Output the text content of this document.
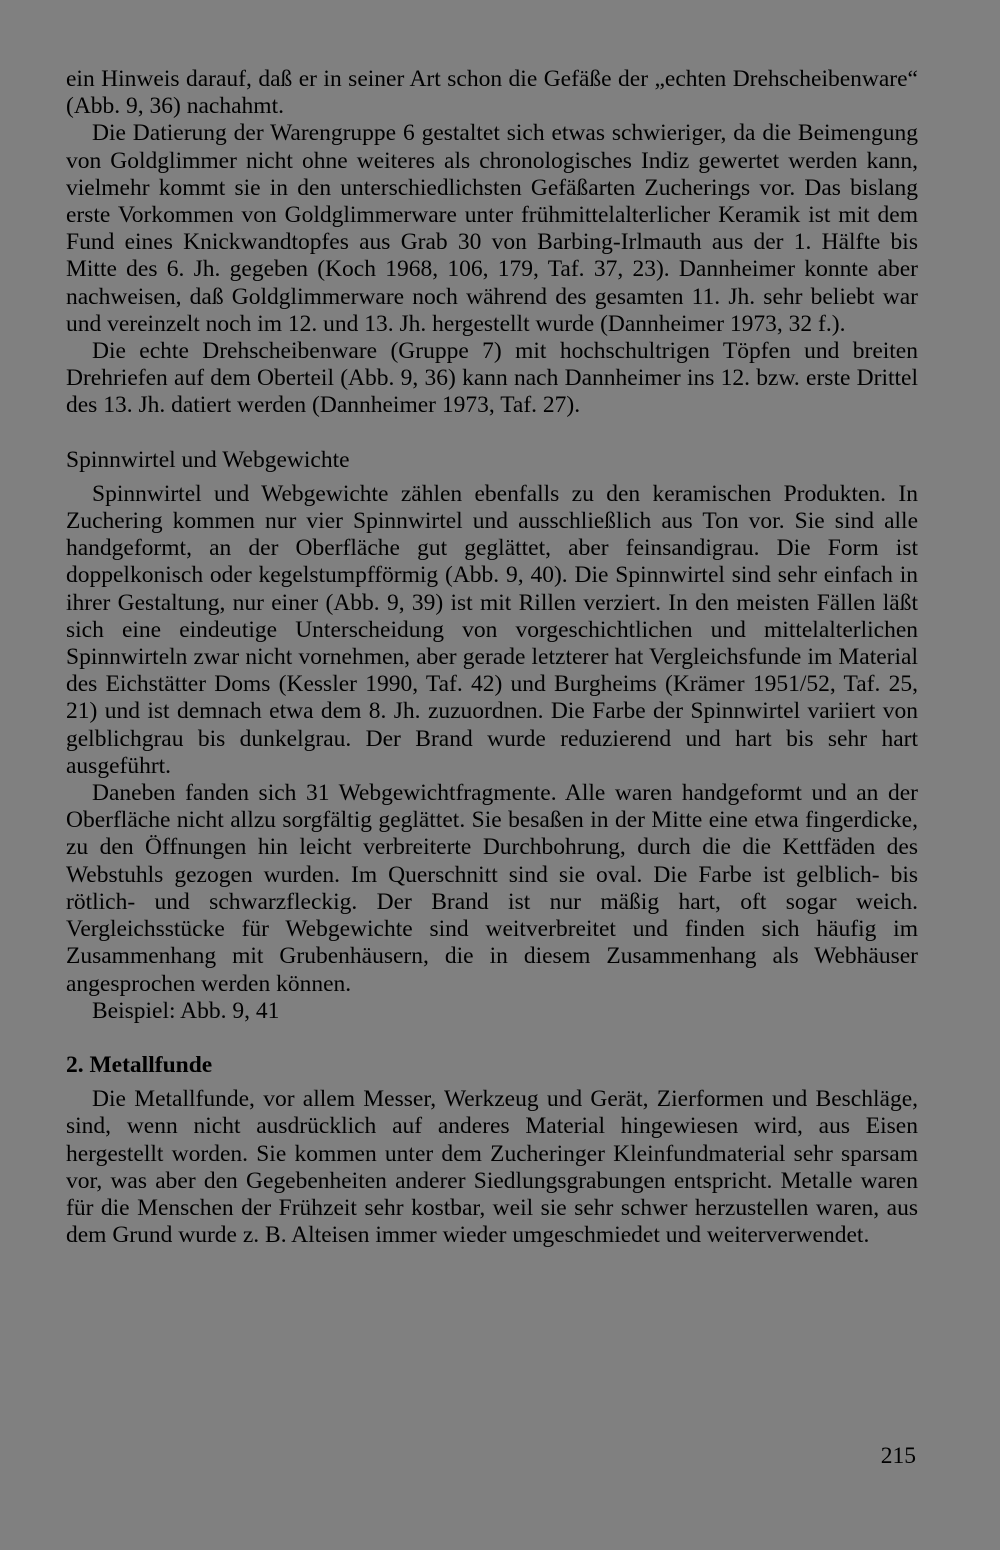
ein Hinweis darauf, daß er in seiner Art schon die Gefäße der „echten Drehscheibenware“ (Abb. 9, 36) nachahmt.

Die Datierung der Warengruppe 6 gestaltet sich etwas schwieriger, da die Beimengung von Goldglimmer nicht ohne weiteres als chronologisches Indiz gewertet werden kann, vielmehr kommt sie in den unterschiedlichsten Gefäßarten Zucherings vor. Das bislang erste Vorkommen von Goldglimmerware unter frühmittelalterlicher Keramik ist mit dem Fund eines Knickwandtopfes aus Grab 30 von Barbing-Irlmauth aus der 1. Hälfte bis Mitte des 6. Jh. gegeben (Koch 1968, 106, 179, Taf. 37, 23). Dannheimer konnte aber nachweisen, daß Goldglimmerware noch während des gesamten 11. Jh. sehr beliebt war und vereinzelt noch im 12. und 13. Jh. hergestellt wurde (Dannheimer 1973, 32 f.).

Die echte Drehscheibenware (Gruppe 7) mit hochschultrigen Töpfen und breiten Drehriefen auf dem Oberteil (Abb. 9, 36) kann nach Dannheimer ins 12. bzw. erste Drittel des 13. Jh. datiert werden (Dannheimer 1973, Taf. 27).

Spinnwirtel und Webgewichte

Spinnwirtel und Webgewichte zählen ebenfalls zu den keramischen Produkten. In Zuchering kommen nur vier Spinnwirtel und ausschließlich aus Ton vor. Sie sind alle handgeformt, an der Oberfläche gut geglättet, aber feinsandigrau. Die Form ist doppelkonisch oder kegelstumpfförmig (Abb. 9, 40). Die Spinnwirtel sind sehr einfach in ihrer Gestaltung, nur einer (Abb. 9, 39) ist mit Rillen verziert. In den meisten Fällen läßt sich eine eindeutige Unterscheidung von vorgeschichtlichen und mittelalterlichen Spinnwirteln zwar nicht vornehmen, aber gerade letzterer hat Vergleichsfunde im Material des Eichstätter Doms (Kessler 1990, Taf. 42) und Burgheims (Krämer 1951/52, Taf. 25, 21) und ist demnach etwa dem 8. Jh. zuzuordnen. Die Farbe der Spinnwirtel variiert von gelblichgrau bis dunkelgrau. Der Brand wurde reduzierend und hart bis sehr hart ausgeführt.

Daneben fanden sich 31 Webgewichtfragmente. Alle waren handgeformt und an der Oberfläche nicht allzu sorgfältig geglättet. Sie besaßen in der Mitte eine etwa fingerdicke, zu den Öffnungen hin leicht verbreiterte Durchbohrung, durch die die Kettfäden des Webstuhls gezogen wurden. Im Querschnitt sind sie oval. Die Farbe ist gelblich- bis rötlich- und schwarzfleckig. Der Brand ist nur mäßig hart, oft sogar weich. Vergleichsstücke für Webgewichte sind weitverbreitet und finden sich häufig im Zusammenhang mit Grubenhäusern, die in diesem Zusammenhang als Webhäuser angesprochen werden können.

Beispiel: Abb. 9, 41

2. Metallfunde

Die Metallfunde, vor allem Messer, Werkzeug und Gerät, Zierformen und Beschläge, sind, wenn nicht ausdrücklich auf anderes Material hingewiesen wird, aus Eisen hergestellt worden. Sie kommen unter dem Zucheringer Kleinfundmaterial sehr sparsam vor, was aber den Gegebenheiten anderer Siedlungsgrabungen entspricht. Metalle waren für die Menschen der Frühzeit sehr kostbar, weil sie sehr schwer herzustellen waren, aus dem Grund wurde z. B. Alteisen immer wieder umgeschmiedet und weiterverwendet.

215
